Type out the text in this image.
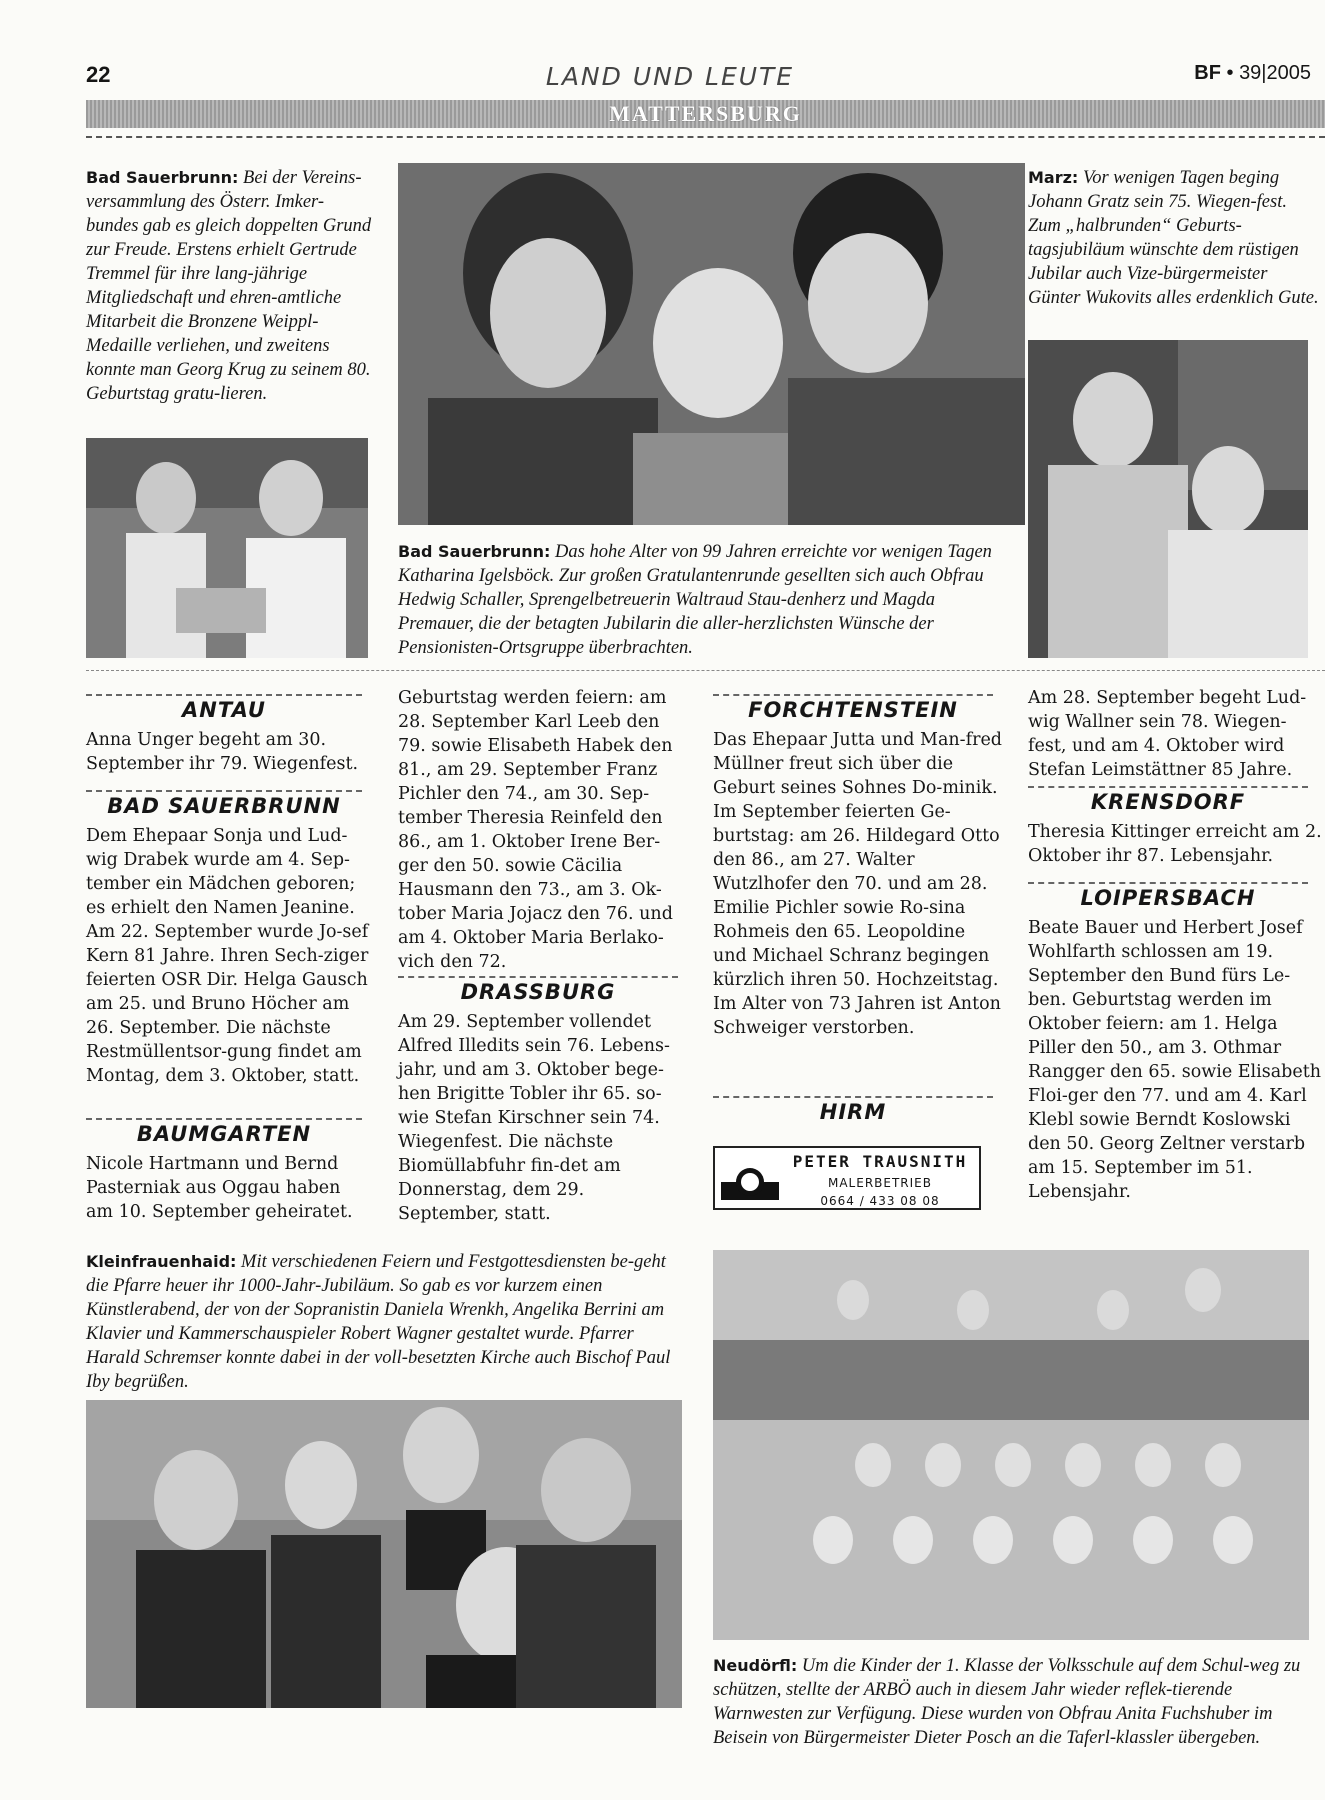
22	LAND UND LEUTE	BF • 39|2005
MATTERSBURG
Bad Sauerbrunn: Bei der Vereins-versammlung des Österr. Imker-bundes gab es gleich doppelten Grund zur Freude. Erstens erhielt Gertrude Tremmel für ihre lang-jährige Mitgliedschaft und ehren-amtliche Mitarbeit die Bronzene Weippl-Medaille verliehen, und zweitens konnte man Georg Krug zu seinem 80. Geburtstag gratu-lieren.
Bad Sauerbrunn: Das hohe Alter von 99 Jahren erreichte vor wenigen Tagen Katharina Igelsböck. Zur großen Gratulantenrunde gesellten sich auch Obfrau Hedwig Schaller, Sprengelbetreuerin Waltraud Stau-denherz und Magda Premauer, die der betagten Jubilarin die aller-herzlichsten Wünsche der Pensionisten-Ortsgruppe überbrachten.
Marz: Vor wenigen Tagen beging Johann Gratz sein 75. Wiegen-fest. Zum „halbrunden“ Geburts-tagsjubiläum wünschte dem rüstigen Jubilar auch Vize-bürgermeister Günter Wukovits alles erdenklich Gute.
ANTAU
Anna Unger begeht am 30. September ihr 79. Wiegenfest.
BAD SAUERBRUNN
Dem Ehepaar Sonja und Lud-wig Drabek wurde am 4. Sep-tember ein Mädchen geboren; es erhielt den Namen Jeanine. Am 22. September wurde Jo-sef Kern 81 Jahre. Ihren Sech-ziger feierten OSR Dir. Helga Gausch am 25. und Bruno Höcher am 26. September. Die nächste Restmüllentsor-gung findet am Montag, dem 3. Oktober, statt.
BAUMGARTEN
Nicole Hartmann und Bernd Pasterniak aus Oggau haben am 10. September geheiratet.
Geburtstag werden feiern: am 28. September Karl Leeb den 79. sowie Elisabeth Habek den 81., am 29. September Franz Pichler den 74., am 30. Sep-tember Theresia Reinfeld den 86., am 1. Oktober Irene Ber-ger den 50. sowie Cäcilia Hausmann den 73., am 3. Ok-tober Maria Jojacz den 76. und am 4. Oktober Maria Berlako-vich den 72.
DRASSBURG
Am 29. September vollendet Alfred Illedits sein 76. Lebens-jahr, und am 3. Oktober bege-hen Brigitte Tobler ihr 65. so-wie Stefan Kirschner sein 74. Wiegenfest. Die nächste Biomüllabfuhr fin-det am Donnerstag, dem 29. September, statt.
FORCHTENSTEIN
Das Ehepaar Jutta und Man-fred Müllner freut sich über die Geburt seines Sohnes Do-minik. Im September feierten Ge-burtstag: am 26. Hildegard Otto den 86., am 27. Walter Wutzlhofer den 70. und am 28. Emilie Pichler sowie Ro-sina Rohmeis den 65. Leopoldine und Michael Schranz begingen kürzlich ihren 50. Hochzeitstag. Im Alter von 73 Jahren ist Anton Schweiger verstorben.
HIRM
PETER TRAUSNITH
MALERBETRIEB
0664 / 433 08 08
Am 28. September begeht Lud-wig Wallner sein 78. Wiegen-fest, und am 4. Oktober wird Stefan Leimstättner 85 Jahre.
KRENSDORF
Theresia Kittinger erreicht am 2. Oktober ihr 87. Lebensjahr.
LOIPERSBACH
Beate Bauer und Herbert Josef Wohlfarth schlossen am 19. September den Bund fürs Le-ben. Geburtstag werden im Oktober feiern: am 1. Helga Piller den 50., am 3. Othmar Rangger den 65. sowie Elisabeth Floi-ger den 77. und am 4. Karl Klebl sowie Berndt Koslowski den 50. Georg Zeltner verstarb am 15. September im 51. Lebensjahr.
Kleinfrauenhaid: Mit verschiedenen Feiern und Festgottesdiensten be-geht die Pfarre heuer ihr 1000-Jahr-Jubiläum. So gab es vor kurzem einen Künstlerabend, der von der Sopranistin Daniela Wrenkh, Angelika Berrini am Klavier und Kammerschauspieler Robert Wagner gestaltet wurde. Pfarrer Harald Schremser konnte dabei in der voll-besetzten Kirche auch Bischof Paul Iby begrüßen.
Neudörfl: Um die Kinder der 1. Klasse der Volksschule auf dem Schul-weg zu schützen, stellte der ARBÖ auch in diesem Jahr wieder reflek-tierende Warnwesten zur Verfügung. Diese wurden von Obfrau Anita Fuchshuber im Beisein von Bürgermeister Dieter Posch an die Taferl-klassler übergeben.
